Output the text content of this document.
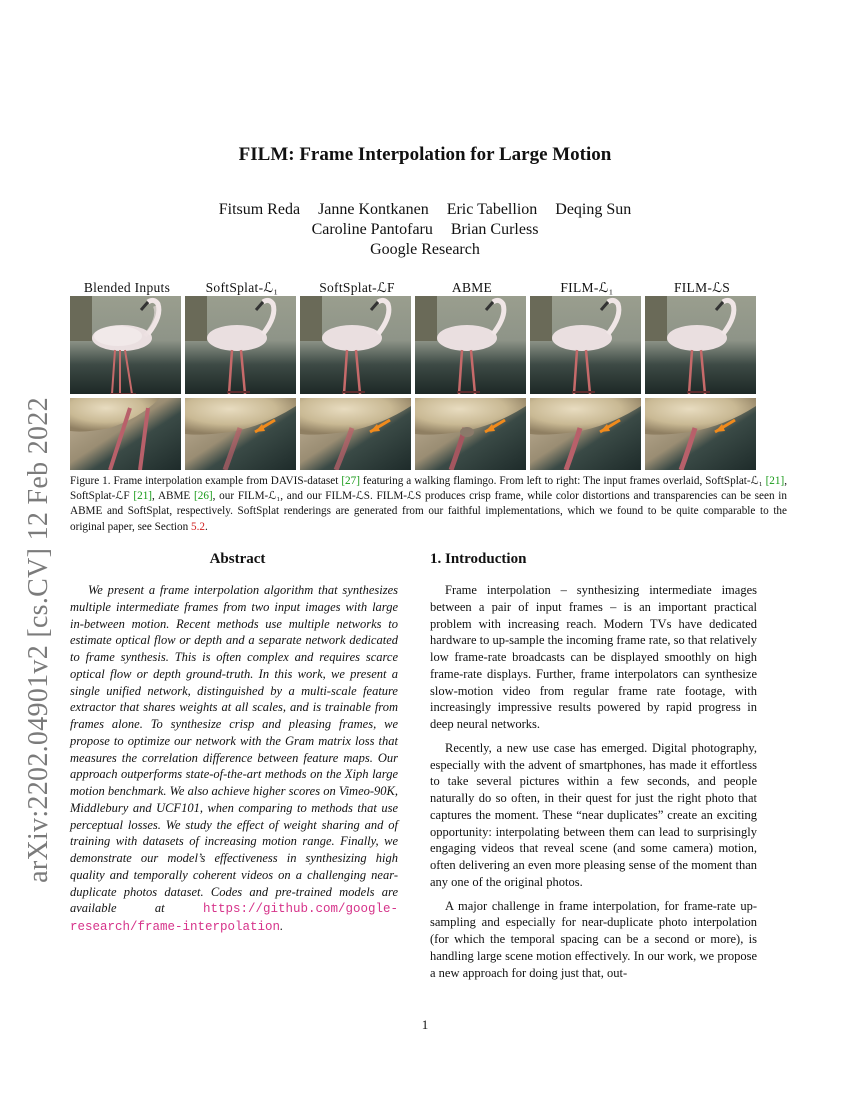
arXiv:2202.04901v2 [cs.CV] 12 Feb 2022
FILM: Frame Interpolation for Large Motion
Fitsum Reda Janne Kontkanen Eric Tabellion Deqing Sun
Caroline Pantofaru Brian Curless
Google Research
Blended Inputs	SoftSplat-ℒ₁	SoftSplat-ℒF	ABME	FILM-ℒ₁	FILM-ℒS
Figure 1. Frame interpolation example from DAVIS-dataset [27] featuring a walking flamingo. From left to right: The input frames overlaid, SoftSplat-ℒ₁ [21], SoftSplat-ℒF [21], ABME [26], our FILM-ℒ₁, and our FILM-ℒS. FILM-ℒS produces crisp frame, while color distortions and transparencies can be seen in ABME and SoftSplat, respectively. SoftSplat renderings are generated from our faithful implementations, which we found to be quite comparable to the original paper, see Section 5.2.
Abstract
We present a frame interpolation algorithm that synthesizes multiple intermediate frames from two input images with large in-between motion. Recent methods use multiple networks to estimate optical flow or depth and a separate network dedicated to frame synthesis. This is often complex and requires scarce optical flow or depth ground-truth. In this work, we present a single unified network, distinguished by a multi-scale feature extractor that shares weights at all scales, and is trainable from frames alone. To synthesize crisp and pleasing frames, we propose to optimize our network with the Gram matrix loss that measures the correlation difference between feature maps. Our approach outperforms state-of-the-art methods on the Xiph large motion benchmark. We also achieve higher scores on Vimeo-90K, Middlebury and UCF101, when comparing to methods that use perceptual losses. We study the effect of weight sharing and of training with datasets of increasing motion range. Finally, we demonstrate our model’s effectiveness in synthesizing high quality and temporally coherent videos on a challenging near-duplicate photos dataset. Codes and pre-trained models are available at https://github.com/google-research/frame-interpolation.
1. Introduction

Frame interpolation – synthesizing intermediate images between a pair of input frames – is an important practical problem with increasing reach. Modern TVs have dedicated hardware to up-sample the incoming frame rate, so that relatively low frame-rate broadcasts can be displayed smoothly on high frame-rate displays. Further, frame interpolators can synthesize slow-motion video from regular frame rate footage, with increasingly impressive results powered by rapid progress in deep neural networks.

Recently, a new use case has emerged. Digital photography, especially with the advent of smartphones, has made it effortless to take several pictures within a few seconds, and people naturally do so often, in their quest for just the right photo that captures the moment. These “near duplicates” create an exciting opportunity: interpolating between them can lead to surprisingly engaging videos that reveal scene (and some camera) motion, often delivering an even more pleasing sense of the moment than any one of the original photos.

A major challenge in frame interpolation, for frame-rate up-sampling and especially for near-duplicate photo interpolation (for which the temporal spacing can be a second or more), is handling large scene motion effectively. In our work, we propose a new approach for doing just that, out-

1
